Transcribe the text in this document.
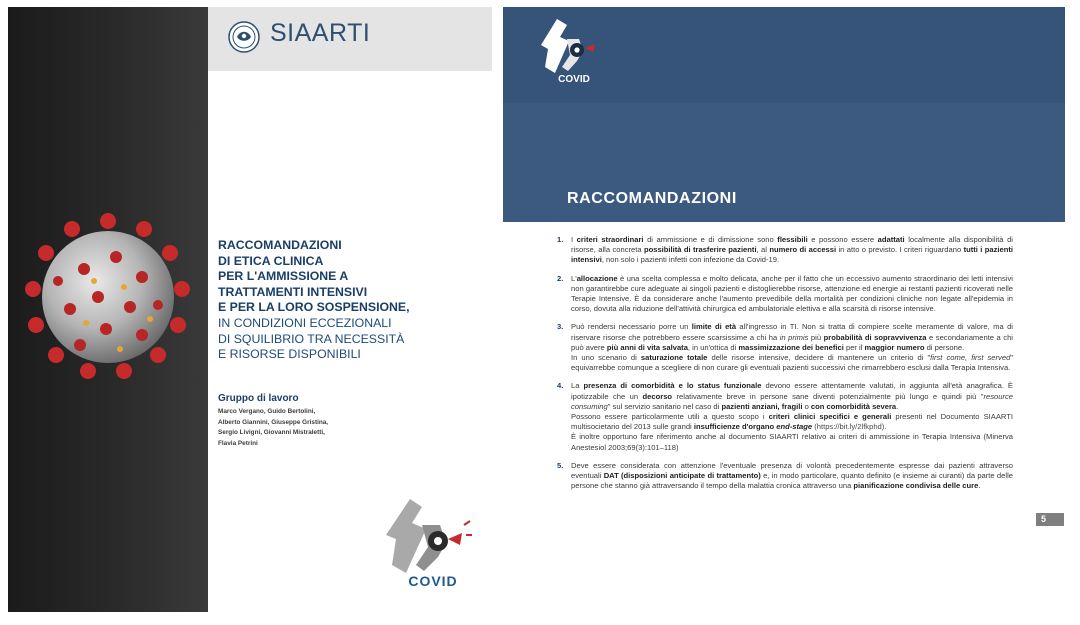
SIAARTI
RACCOMANDAZIONI
DI ETICA CLINICA
PER L'AMMISSIONE A
TRATTAMENTI INTENSIVI
E PER LA LORO SOSPENSIONE,
IN CONDIZIONI ECCEZIONALI
DI SQUILIBRIO TRA NECESSITÀ
E RISORSE DISPONIBILI
Gruppo di lavoro
Marco Vergano, Guido Bertolini,
Alberto Giannini, Giuseppe Gristina,
Sergio Livigni, Giovanni Mistraletti,
Flavia Petrini
COVID
COVID
RACCOMANDAZIONI
1. I criteri straordinari di ammissione e di dimissione sono flessibili e possono essere adattati localmente alla disponibilità di risorse, alla concreta possibilità di trasferire pazienti, al numero di accessi in atto o previsto. I criteri riguardano tutti i pazienti intensivi, non solo i pazienti infetti con infezione da Covid-19.
2. L'allocazione è una scelta complessa e molto delicata, anche per il fatto che un eccessivo aumento straordinario dei letti intensivi non garantirebbe cure adeguate ai singoli pazienti e distoglierebbe risorse, attenzione ed energie ai restanti pazienti ricoverati nelle Terapie Intensive. È da considerare anche l'aumento prevedibile della mortalità per condizioni cliniche non legate all'epidemia in corso, dovuta alla riduzione dell'attività chirurgica ed ambulatoriale elettiva e alla scarsità di risorse intensive.
3. Può rendersi necessario porre un limite di età all'ingresso in TI. Non si tratta di compiere scelte meramente di valore, ma di riservare risorse che potrebbero essere scarsissime a chi ha in primis più probabilità di sopravvivenza e secondariamente a chi può avere più anni di vita salvata, in un'ottica di massimizzazione dei benefici per il maggior numero di persone.
In uno scenario di saturazione totale delle risorse intensive, decidere di mantenere un criterio di "first come, first served" equivarrebbe comunque a scegliere di non curare gli eventuali pazienti successivi che rimarrebbero esclusi dalla Terapia Intensiva.
4. La presenza di comorbidità e lo status funzionale devono essere attentamente valutati, in aggiunta all'età anagrafica. È ipotizzabile che un decorso relativamente breve in persone sane diventi potenzialmente più lungo e quindi più "resource consuming" sul servizio sanitario nel caso di pazienti anziani, fragili o con comorbidità severa.
Possono essere particolarmente utili a questo scopo i criteri clinici specifici e generali presenti nel Documento SIAARTI multisocietario del 2013 sulle grandi insufficienze d'organo end-stage (https://bit.ly/2lfkphd).
È inoltre opportuno fare riferimento anche al documento SIAARTI relativo ai criteri di ammissione in Terapia Intensiva (Minerva Anestesiol 2003;69(3):101–118)
5. Deve essere considerata con attenzione l'eventuale presenza di volontà precedentemente espresse dai pazienti attraverso eventuali DAT (disposizioni anticipate di trattamento) e, in modo particolare, quanto definito (e insieme ai curanti) da parte delle persone che stanno già attraversando il tempo della malattia cronica attraverso una pianificazione condivisa delle cure.
5
